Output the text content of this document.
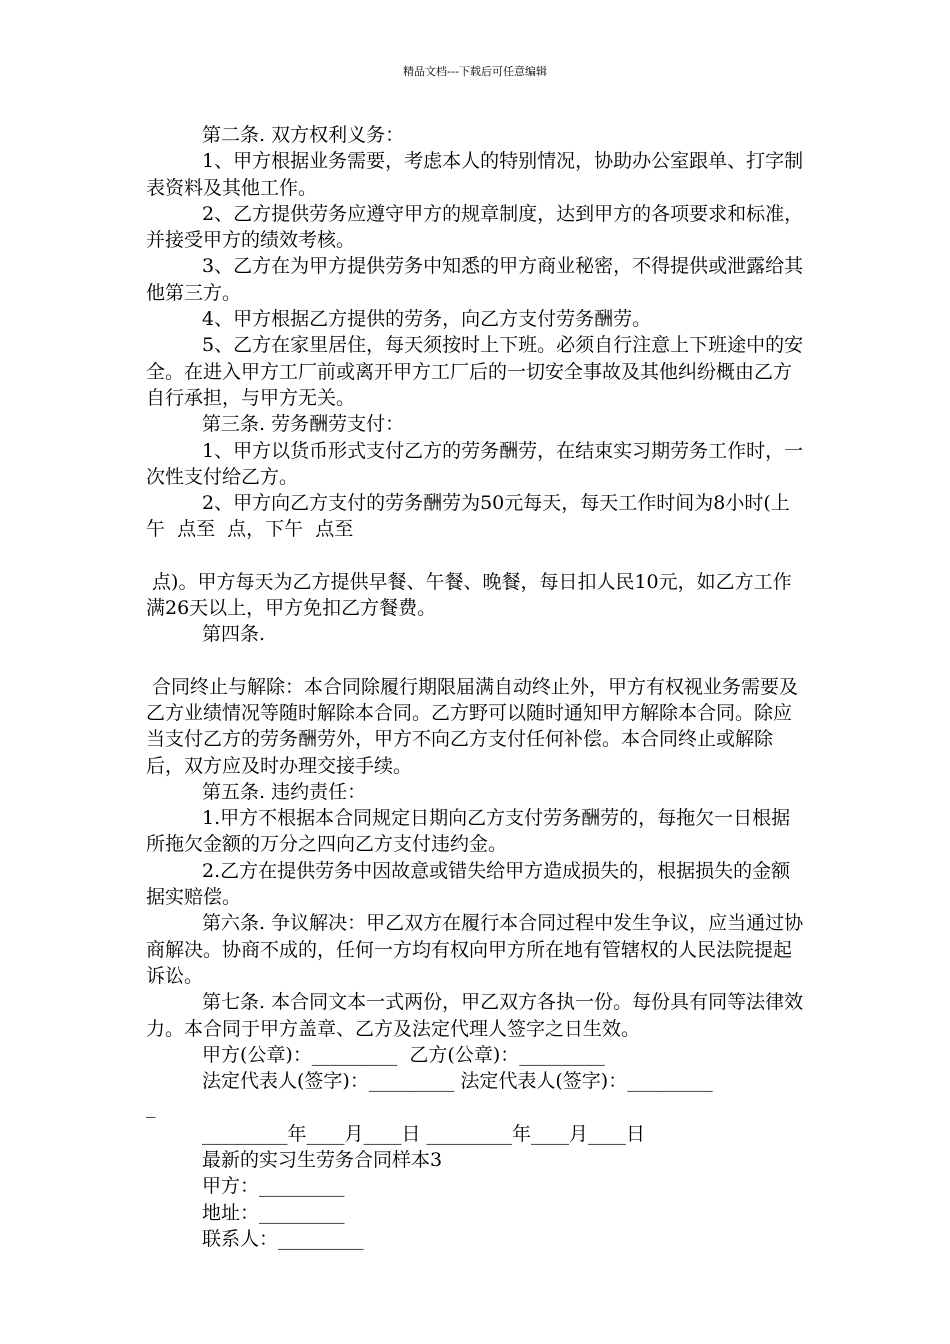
精品文档---下载后可任意编辑

第二条. 双方权利义务：

1、甲方根据业务需要，考虑本人的特别情况，协助办公室跟单、打字制表资料及其他工作。

2、乙方提供劳务应遵守甲方的规章制度，达到甲方的各项要求和标准，并接受甲方的绩效考核。

3、乙方在为甲方提供劳务中知悉的甲方商业秘密，不得提供或泄露给其他第三方。

4、甲方根据乙方提供的劳务，向乙方支付劳务酬劳。

5、乙方在家里居住，每天须按时上下班。必须自行注意上下班途中的安全。在进入甲方工厂前或离开甲方工厂后的一切安全事故及其他纠纷概由乙方自行承担，与甲方无关。

第三条. 劳务酬劳支付：

1、甲方以货币形式支付乙方的劳务酬劳，在结束实习期劳务工作时，一次性支付给乙方。

2、甲方向乙方支付的劳务酬劳为50元每天，每天工作时间为8小时(上午  点至  点，下午  点至

点)。甲方每天为乙方提供早餐、午餐、晚餐，每日扣人民10元，如乙方工作满26天以上，甲方免扣乙方餐费。

第四条.

合同终止与解除：本合同除履行期限届满自动终止外，甲方有权视业务需要及乙方业绩情况等随时解除本合同。乙方野可以随时通知甲方解除本合同。除应当支付乙方的劳务酬劳外，甲方不向乙方支付任何补偿。本合同终止或解除后，双方应及时办理交接手续。

第五条. 违约责任：

1.甲方不根据本合同规定日期向乙方支付劳务酬劳的，每拖欠一日根据所拖欠金额的万分之四向乙方支付违约金。

2.乙方在提供劳务中因故意或错失给甲方造成损失的，根据损失的金额据实赔偿。

第六条. 争议解决：甲乙双方在履行本合同过程中发生争议，应当通过协商解决。协商不成的，任何一方均有权向甲方所在地有管辖权的人民法院提起诉讼。

第七条. 本合同文本一式两份，甲乙双方各执一份。每份具有同等法律效力。本合同于甲方盖章、乙方及法定代理人签字之日生效。

甲方(公章)：_________  乙方(公章)：_________

法定代表人(签字)：_________ 法定代表人(签字)：_________

_

_________年____月____日 _________年____月____日

最新的实习生劳务合同样本3

甲方：_________

地址：_________

联系人：_________
